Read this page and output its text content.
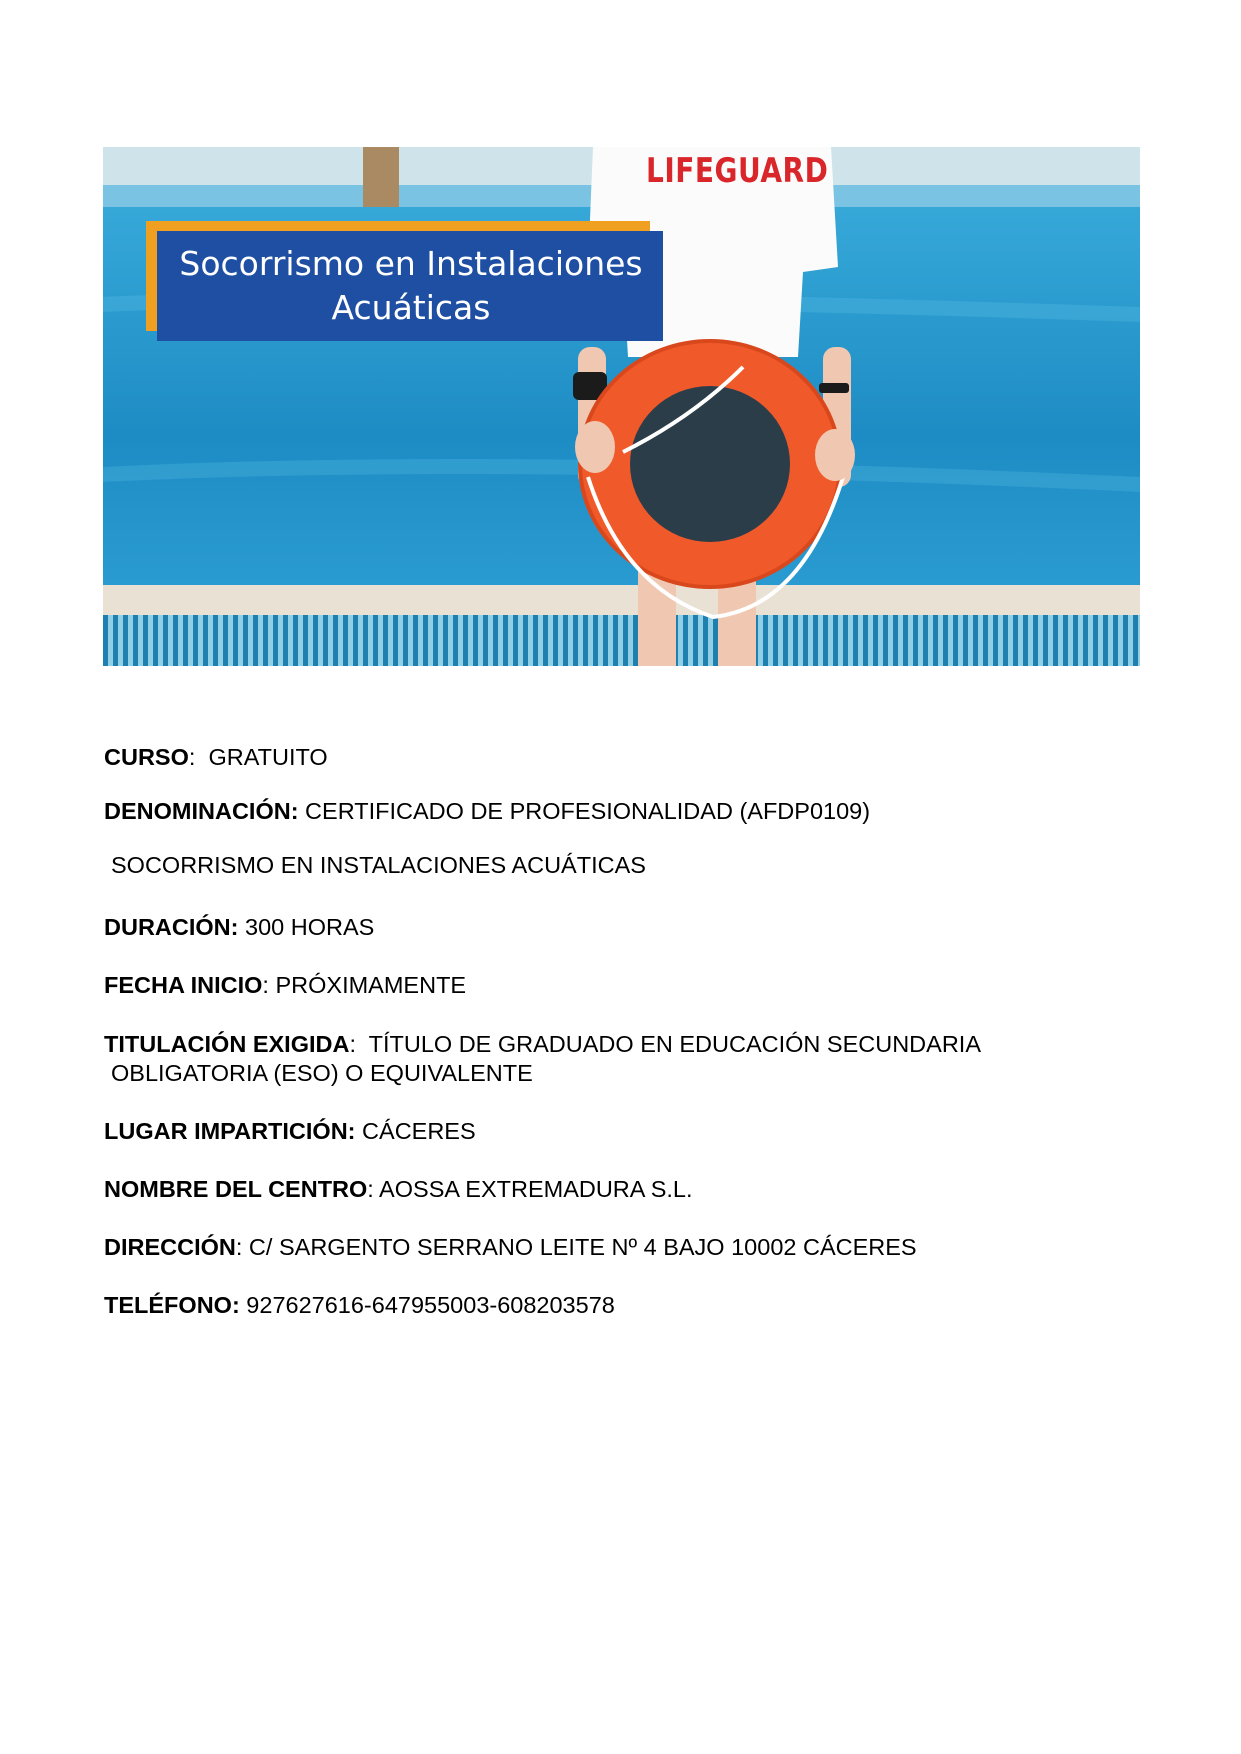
LIFEGUARD
Socorrismo en Instalaciones
Acuáticas
CURSO:  GRATUITO
DENOMINACIÓN: CERTIFICADO DE PROFESIONALIDAD (AFDP0109)
SOCORRISMO EN INSTALACIONES ACUÁTICAS
DURACIÓN: 300 HORAS
FECHA INICIO: PRÓXIMAMENTE
TITULACIÓN EXIGIDA:  TÍTULO DE GRADUADO EN EDUCACIÓN SECUNDARIA
OBLIGATORIA (ESO) O EQUIVALENTE
LUGAR IMPARTICIÓN: CÁCERES
NOMBRE DEL CENTRO: AOSSA EXTREMADURA S.L.
DIRECCIÓN: C/ SARGENTO SERRANO LEITE Nº 4 BAJO 10002 CÁCERES
TELÉFONO: 927627616-647955003-608203578
